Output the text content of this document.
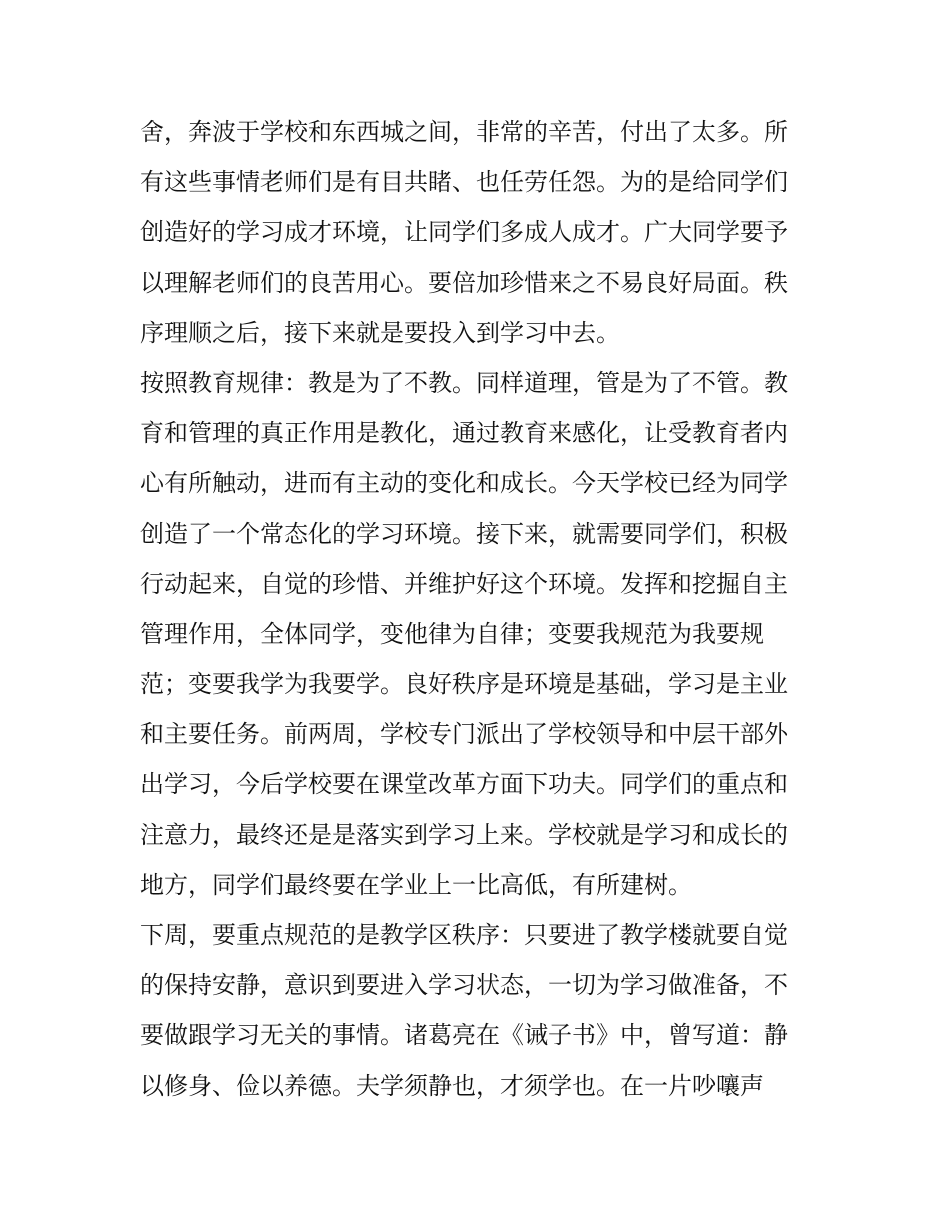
舍，奔波于学校和东西城之间，非常的辛苦，付出了太多。所
有这些事情老师们是有目共睹、也任劳任怨。为的是给同学们
创造好的学习成才环境，让同学们多成人成才。广大同学要予
以理解老师们的良苦用心。要倍加珍惜来之不易良好局面。秩
序理顺之后，接下来就是要投入到学习中去。
按照教育规律：教是为了不教。同样道理，管是为了不管。教
育和管理的真正作用是教化，通过教育来感化，让受教育者内
心有所触动，进而有主动的变化和成长。今天学校已经为同学
创造了一个常态化的学习环境。接下来，就需要同学们，积极
行动起来，自觉的珍惜、并维护好这个环境。发挥和挖掘自主
管理作用，全体同学，变他律为自律；变要我规范为我要规
范；变要我学为我要学。良好秩序是环境是基础，学习是主业
和主要任务。前两周，学校专门派出了学校领导和中层干部外
出学习，今后学校要在课堂改革方面下功夫。同学们的重点和
注意力，最终还是是落实到学习上来。学校就是学习和成长的
地方，同学们最终要在学业上一比高低，有所建树。
下周，要重点规范的是教学区秩序：只要进了教学楼就要自觉
的保持安静，意识到要进入学习状态，一切为学习做准备，不
要做跟学习无关的事情。诸葛亮在《诫子书》中，曾写道：静
以修身、俭以养德。夫学须静也，才须学也。在一片吵嚷声
